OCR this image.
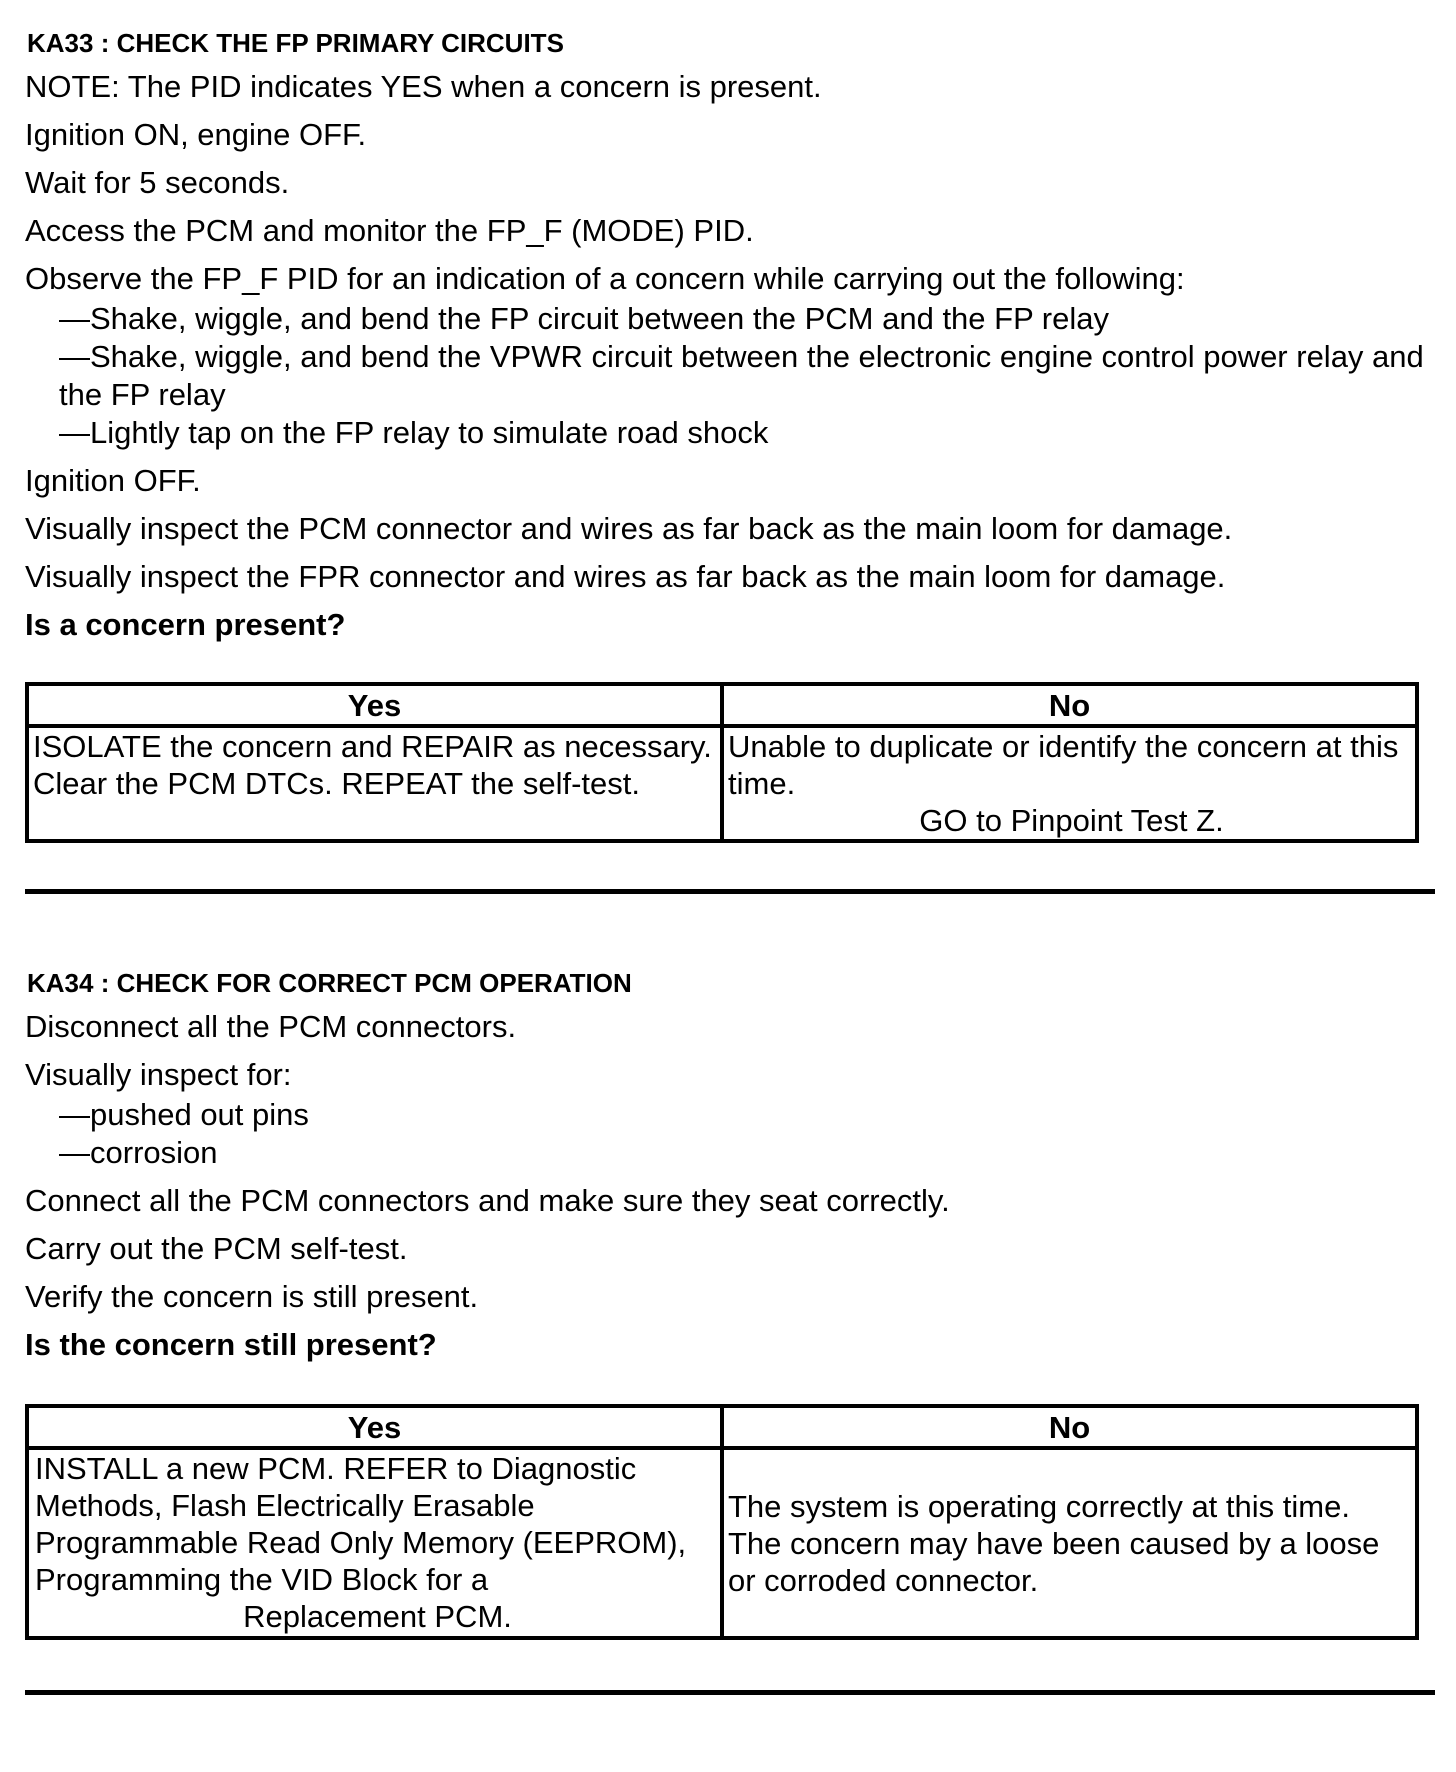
KA33 : CHECK THE FP PRIMARY CIRCUITS
NOTE: The PID indicates YES when a concern is present.
Ignition ON, engine OFF.
Wait for 5 seconds.
Access the PCM and monitor the FP_F (MODE) PID.
Observe the FP_F PID for an indication of a concern while carrying out the following:
—Shake, wiggle, and bend the FP circuit between the PCM and the FP relay
—Shake, wiggle, and bend the VPWR circuit between the electronic engine control power relay and the FP relay
—Lightly tap on the FP relay to simulate road shock
Ignition OFF.
Visually inspect the PCM connector and wires as far back as the main loom for damage.
Visually inspect the FPR connector and wires as far back as the main loom for damage.
Is a concern present?
Yes	No

ISOLATE the concern and REPAIR as necessary.
Clear the PCM DTCs. REPEAT the self-test.	Unable to duplicate or identify the concern at this time.
GO to Pinpoint Test Z.
KA34 : CHECK FOR CORRECT PCM OPERATION
Disconnect all the PCM connectors.
Visually inspect for:
—pushed out pins
—corrosion
Connect all the PCM connectors and make sure they seat correctly.
Carry out the PCM self-test.
Verify the concern is still present.
Is the concern still present?
Yes	No

INSTALL a new PCM. REFER to Diagnostic Methods, Flash Electrically Erasable Programmable Read Only Memory (EEPROM), Programming the VID Block for a
Replacement PCM.	The system is operating correctly at this time.
The concern may have been caused by a loose or corroded connector.
